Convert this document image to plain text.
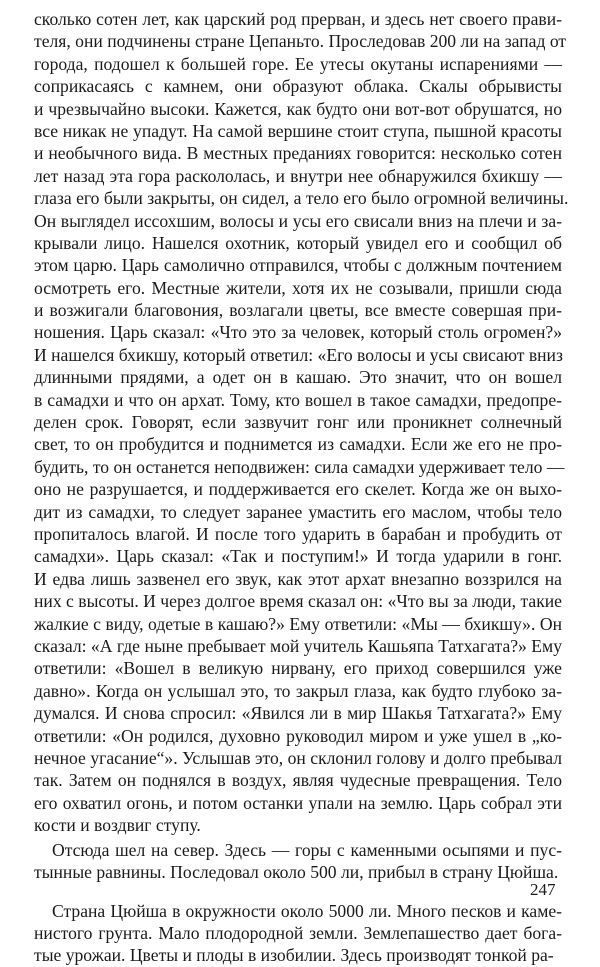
сколько сотен лет, как царский род прерван, и здесь нет своего прави-
теля, они подчинены стране Цепаньто. Проследовав 200 ли на запад от
города, подошел к большей горе. Ее утесы окутаны испарениями —
соприкасаясь с камнем, они образуют облака. Скалы обрывисты
и чрезвычайно высоки. Кажется, как будто они вот-вот обрушатся, но
все никак не упадут. На самой вершине стоит ступа, пышной красоты
и необычного вида. В местных преданиях говорится: несколько сотен
лет назад эта гора раскололась, и внутри нее обнаружился бхикшу —
глаза его были закрыты, он сидел, а тело его было огромной величины.
Он выглядел иссохшим, волосы и усы его свисали вниз на плечи и за-
крывали лицо. Нашелся охотник, который увидел его и сообщил об
этом царю. Царь самолично отправился, чтобы с должным почтением
осмотреть его. Местные жители, хотя их не созывали, пришли сюда
и возжигали благовония, возлагали цветы, все вместе совершая при-
ношения. Царь сказал: «Что это за человек, который столь огромен?»
И нашелся бхикшу, который ответил: «Его волосы и усы свисают вниз
длинными прядями, а одет он в кашаю. Это значит, что он вошел
в самадхи и что он архат. Тому, кто вошел в такое самадхи, предопре-
делен срок. Говорят, если зазвучит гонг или проникнет солнечный
свет, то он пробудится и поднимется из самадхи. Если же его не про-
будить, то он останется неподвижен: сила самадхи удерживает тело —
оно не разрушается, и поддерживается его скелет. Когда же он выхо-
дит из самадхи, то следует заранее умастить его маслом, чтобы тело
пропиталось влагой. И после того ударить в барабан и пробудить от
самадхи». Царь сказал: «Так и поступим!» И тогда ударили в гонг.
И едва лишь зазвенел его звук, как этот архат внезапно воззрился на
них с высоты. И через долгое время сказал он: «Что вы за люди, такие
жалкие с виду, одетые в кашаю?» Ему ответили: «Мы — бхикшу». Он
сказал: «А где ныне пребывает мой учитель Кашьяпа Татхагата?» Ему
ответили: «Вошел в великую нирвану, его приход совершился уже
давно». Когда он услышал это, то закрыл глаза, как будто глубоко за-
думался. И снова спросил: «Явился ли в мир Шакья Татхагата?» Ему
ответили: «Он родился, духовно руководил миром и уже ушел в „ко-
нечное угасание“». Услышав это, он склонил голову и долго пребывал
так. Затем он поднялся в воздух, являя чудесные превращения. Тело
его охватил огонь, и потом останки упали на землю. Царь собрал эти
кости и воздвиг ступу.
Отсюда шел на север. Здесь — горы с каменными осыпями и пус-
тынные равнины. Последовал около 500 ли, прибыл в страну Цюйша.
Страна Цюйша в окружности около 5000 ли. Много песков и камe-
нистого грунта. Мало плодородной земли. Землепашество дает бога-
тые урожаи. Цветы и плоды в изобилии. Здесь производят тонкой ра-
247
